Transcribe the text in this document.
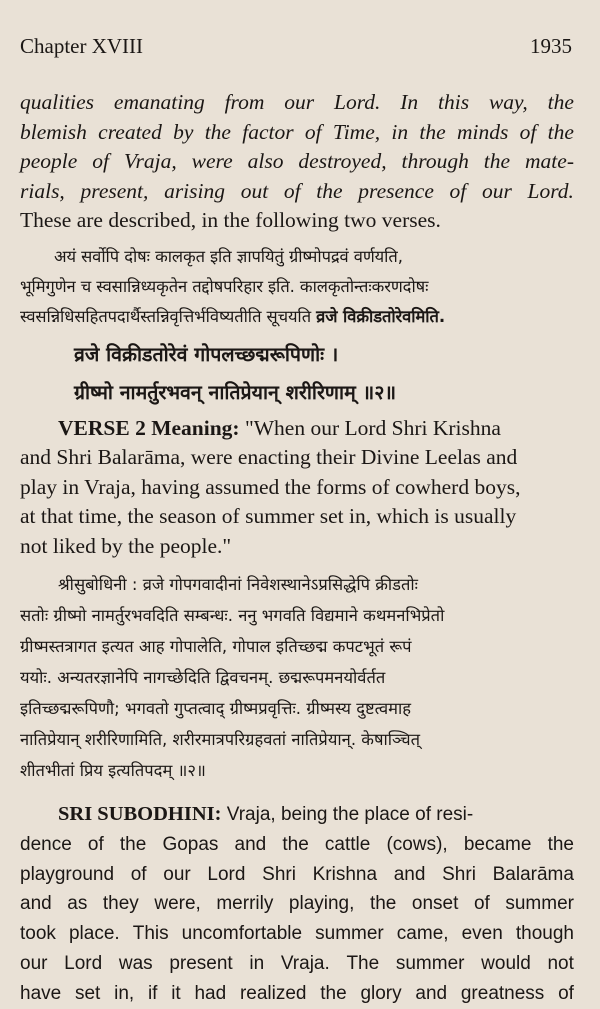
Chapter XVIII	1935

qualities emanating from our Lord. In this way, the
blemish created by the factor of Time, in the minds of the
people of Vraja, were also destroyed, through the mate-
rials, present, arising out of the presence of our Lord.

These are described, in the following two verses.

अयं सर्वोपि दोषः कालकृत इति ज्ञापयितुं ग्रीष्मोपद्रवं वर्णयति,
भूमिगुणेन च स्वसान्निध्यकृतेन तद्दोषपरिहार इति. कालकृतोन्तःकरणदोषः
स्वसन्निधिसहितपदार्थैस्तन्निवृत्तिर्भविष्यतीति सूचयति व्रजे विक्रीडतोरेवमिति.
व्रजे विक्रीडतोरेवं गोपलच्छद्मरूपिणोः ।
ग्रीष्मो नामर्तुरभवन् नातिप्रेयान् शरीरिणाम् ॥२॥
VERSE 2 Meaning: "When our Lord Shri Krishna
and Shri Balarāma, were enacting their Divine Leelas and
play in Vraja, having assumed the forms of cowherd boys,
at that time, the season of summer set in, which is usually
not liked by the people."
श्रीसुबोधिनी : व्रजे गोपगवादीनां निवेशस्थानेऽप्रसिद्धेपि क्रीडतोः
सतोः ग्रीष्मो नामर्तुरभवदिति सम्बन्धः. ननु भगवति विद्यमाने कथमनभिप्रेतो
ग्रीष्मस्तत्रागत इत्यत आह गोपालेति, गोपाल इतिच्छद्म कपटभूतं रूपं
ययोः. अन्यतरज्ञानेपि नागच्छेदिति द्विवचनम्. छद्मरूपमनयोर्वर्तत
इतिच्छद्मरूपिणौ; भगवतो गुप्तत्वाद् ग्रीष्मप्रवृत्तिः. ग्रीष्मस्य दुष्टत्वमाह
नातिप्रेयान् शरीरिणामिति, शरीरमात्रपरिग्रहवतां नातिप्रेयान्. केषाञ्चित्
शीतभीतां प्रिय इत्यतिपदम् ॥२॥
SRI SUBODHINI: Vraja, being the place of resi-
dence of the Gopas and the cattle (cows), became the
playground of our Lord Shri Krishna and Shri Balarāma
and as they were, merrily playing, the onset of summer
took place. This uncomfortable summer came, even though
our Lord was present in Vraja. The summer would not
have set in, if it had realized the glory and greatness of
